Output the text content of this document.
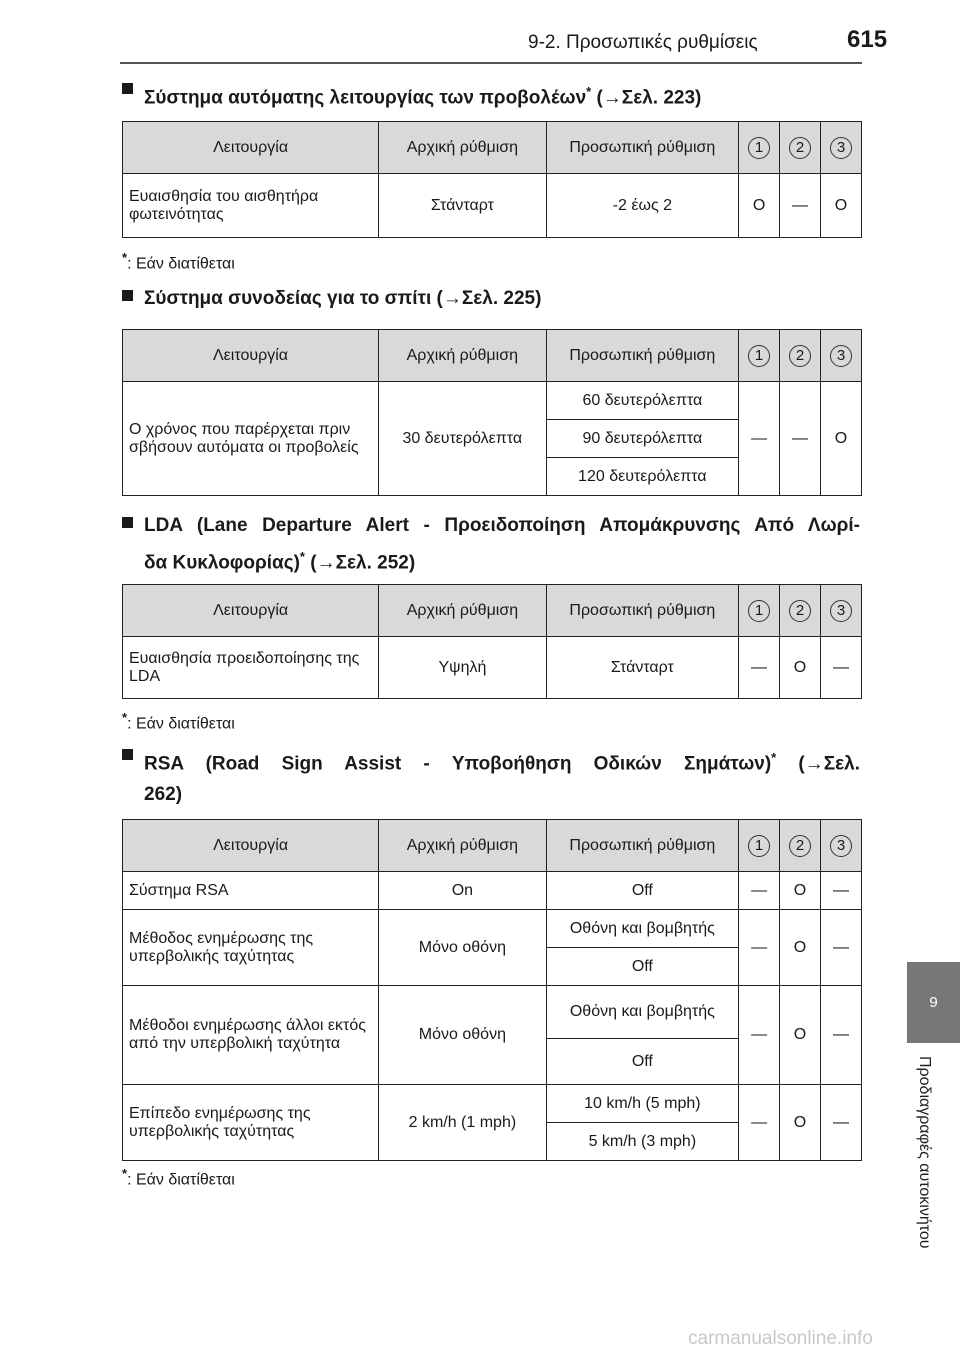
9-2. Προσωπικές ρυθμίσεις	615
Σύστημα αυτόματης λειτουργίας των προβολέων* (→Σελ. 223)
Λειτουργία	Αρχική ρύθμιση	Προσωπική ρύθμιση	1	2	3
Ευαισθησία του αισθητήρα φωτεινότητας	Στάνταρτ	-2 έως 2	O	—	O
*: Εάν διατίθεται
Σύστημα συνοδείας για το σπίτι (→Σελ. 225)
Λειτουργία	Αρχική ρύθμιση	Προσωπική ρύθμιση	1	2	3
Ο χρόνος που παρέρχεται πριν σβήσουν αυτόματα οι προβολείς	30 δευτερόλεπτα	60 δευτερόλεπτα	—	—	O
		90 δευτερόλεπτα			
		120 δευτερόλεπτα			
LDA (Lane Departure Alert - Προειδοποίηση Απομάκρυνσης Από Λωρί-
δα Κυκλοφορίας)* (→Σελ. 252)
Λειτουργία	Αρχική ρύθμιση	Προσωπική ρύθμιση	1	2	3
Ευαισθησία προειδοποίησης της LDA	Υψηλή	Στάνταρτ	—	O	—
*: Εάν διατίθεται
RSA (Road Sign Assist - Υποβοήθηση Οδικών Σημάτων)* (→Σελ.
262)
Λειτουργία	Αρχική ρύθμιση	Προσωπική ρύθμιση	1	2	3
Σύστημα RSA	On	Off	—	O	—
Μέθοδος ενημέρωσης της υπερβολικής ταχύτητας	Μόνο οθόνη	Οθόνη και βομβητής	—	O	—
		Off			
Μέθοδοι ενημέρωσης άλλοι εκτός από την υπερβολική ταχύτητα	Μόνο οθόνη	Οθόνη και βομβητής	—	O	—
		Off			
Επίπεδο ενημέρωσης της υπερβολικής ταχύτητας	2 km/h (1 mph)	10 km/h (5 mph)	—	O	—
		5 km/h (3 mph)			
*: Εάν διατίθεται
9
Προδιαγραφές αυτοκινήτου
carmanualsonline.info
